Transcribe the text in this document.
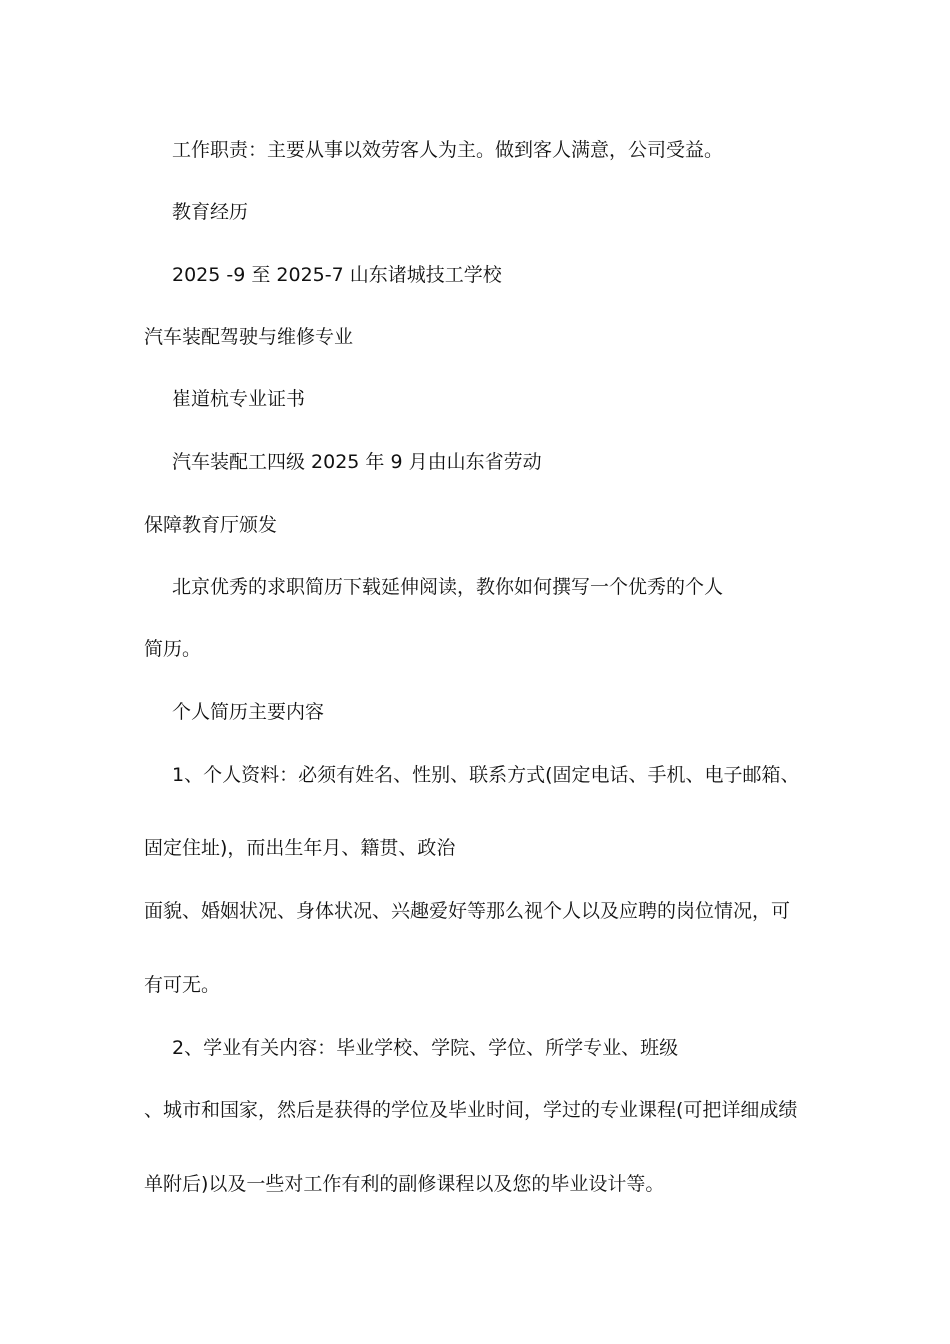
工作职责：主要从事以效劳客人为主。做到客人满意，公司受益。
教育经历
2025 -9 至 2025-7 山东诸城技工学校
汽车装配驾驶与维修专业
崔道杭专业证书
汽车装配工四级 2025 年 9 月由山东省劳动
保障教育厅颁发
北京优秀的求职简历下载延伸阅读，教你如何撰写一个优秀的个人
简历。
个人简历主要内容
1、个人资料：必须有姓名、性别、联系方式(固定电话、手机、电子邮箱、
固定住址)，而出生年月、籍贯、政治
面貌、婚姻状况、身体状况、兴趣爱好等那么视个人以及应聘的岗位情况，可
有可无。
2、学业有关内容：毕业学校、学院、学位、所学专业、班级
、城市和国家，然后是获得的学位及毕业时间，学过的专业课程(可把详细成绩
单附后)以及一些对工作有利的副修课程以及您的毕业设计等。
